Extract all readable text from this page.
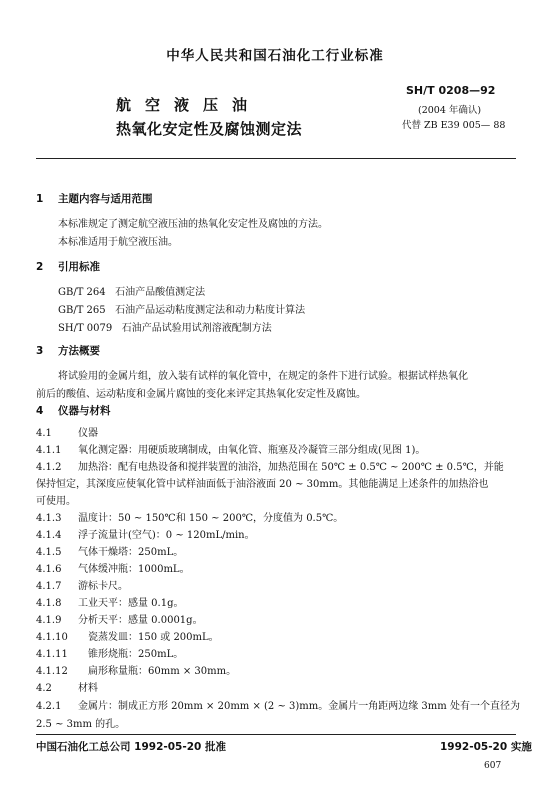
中华人民共和国石油化工行业标准
航空液压油
热氧化安定性及腐蚀测定法
SH/T 0208—92
(2004 年确认)
代替 ZB E39 005— 88
1 主题内容与适用范围
本标准规定了测定航空液压油的热氧化安定性及腐蚀的方法。
本标准适用于航空液压油。
2 引用标准
GB/T 264   石油产品酸值测定法
GB/T 265   石油产品运动粘度测定法和动力粘度计算法
SH/T 0079   石油产品试验用试剂溶液配制方法
3 方法概要
将试验用的金属片组，放入装有试样的氧化管中，在规定的条件下进行试验。根据试样热氧化
前后的酸值、运动粘度和金属片腐蚀的变化来评定其热氧化安定性及腐蚀。
4 仪器与材料
4.1	仪器
4.1.1 氧化测定器：用硬质玻璃制成，由氧化管、瓶塞及冷凝管三部分组成(见图 1)。
4.1.2 加热浴：配有电热设备和搅拌装置的油浴，加热范围在 50℃ ± 0.5℃ ~ 200℃ ± 0.5℃，并能
保持恒定，其深度应使氧化管中试样油面低于油浴液面 20 ~ 30mm。其他能满足上述条件的加热浴也
可使用。
4.1.3 温度计：50 ~ 150℃和 150 ~ 200℃，分度值为 0.5℃。
4.1.4 浮子流量计(空气)：0 ~ 120mL/min。
4.1.5 气体干燥塔：250mL。
4.1.6 气体缓冲瓶：1000mL。
4.1.7 游标卡尺。
4.1.8 工业天平：感量 0.1g。
4.1.9 分析天平：感量 0.0001g。
4.1.10 瓷蒸发皿：150 或 200mL。
4.1.11 锥形烧瓶：250mL。
4.1.12 扁形称量瓶：60mm × 30mm。
4.2	材料
中国石油化工总公司 1992-05-20 批准	1992-05-20 实施
607
4.2.1 金属片：制成正方形 20mm × 20mm × (2 ~ 3)mm。金属片一角距两边缘 3mm 处有一个直径为
2.5 ~ 3mm 的孔。
